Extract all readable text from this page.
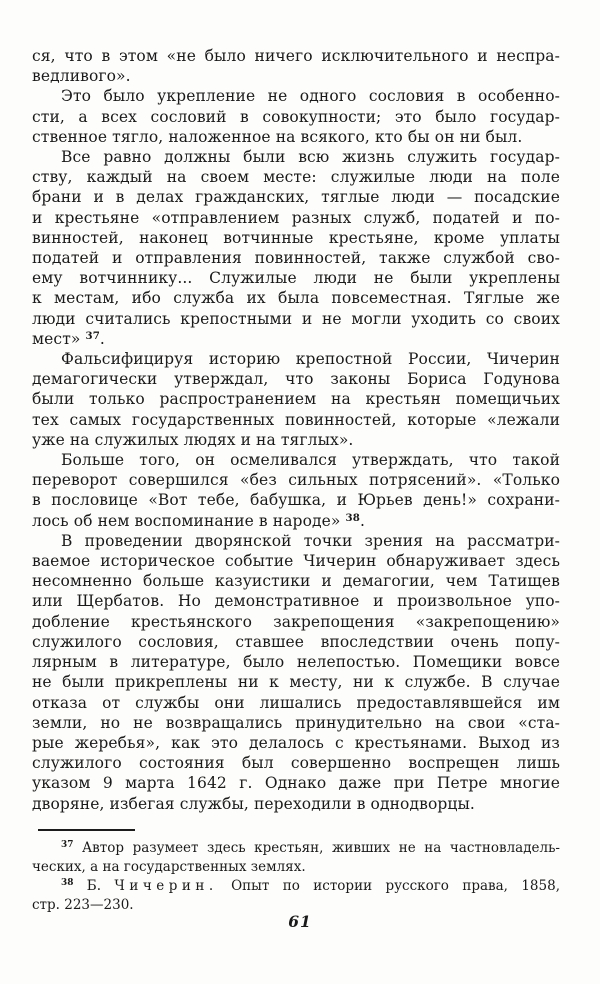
ся, что в этом «не было ничего исключительного и неспра-
ведливого».
Это было укрепление не одного сословия в особенно-
сти, а всех сословий в совокупности; это было государ-
ственное тягло, наложенное на всякого, кто бы он ни был.
Все равно должны были всю жизнь служить государ-
ству, каждый на своем месте: служилые люди на поле
брани и в делах гражданских, тяглые люди — посадские
и крестьяне «отправлением разных служб, податей и по-
винностей, наконец вотчинные крестьяне, кроме уплаты
податей и отправления повинностей, также службой сво-
ему вотчиннику... Служилые люди не были укреплены
к местам, ибо служба их была повсеместная. Тяглые же
люди считались крепостными и не могли уходить со своих
мест» $^{37}$.
Фальсифицируя историю крепостной России, Чичерин
демагогически утверждал, что законы Бориса Годунова
были только распространением на крестьян помещичьих
тех самых государственных повинностей, которые «лежали
уже на служилых людях и на тяглых».
Больше того, он осмеливался утверждать, что такой
переворот совершился «без сильных потрясений». «Только
в пословице «Вот тебе, бабушка, и Юрьев день!» сохрани-
лось об нем воспоминание в народе» $^{38}$.
В проведении дворянской точки зрения на рассматри-
ваемое историческое событие Чичерин обнаруживает здесь
несомненно больше казуистики и демагогии, чем Татищев
или Щербатов. Но демонстративное и произвольное упо-
добление крестьянского закрепощения «закрепощению»
служилого сословия, ставшее впоследствии очень попу-
лярным в литературе, было нелепостью. Помещики вовсе
не были прикреплены ни к месту, ни к службе. В случае
отказа от службы они лишались предоставлявшейся им
земли, но не возвращались принудительно на свои «ста-
рые жеребья», как это делалось с крестьянами. Выход из
служилого состояния был совершенно воспрещен лишь
указом 9 марта 1642 г. Однако даже при Петре многие
дворяне, избегая службы, переходили в однодворцы.
$^{37}$ Автор разумеет здесь крестьян, живших не на частновладель-
ческих, а на государственных землях.
$^{38}$ Б. Чичерин. Опыт по истории русского права, 1858,
стр. 223—230.
61
